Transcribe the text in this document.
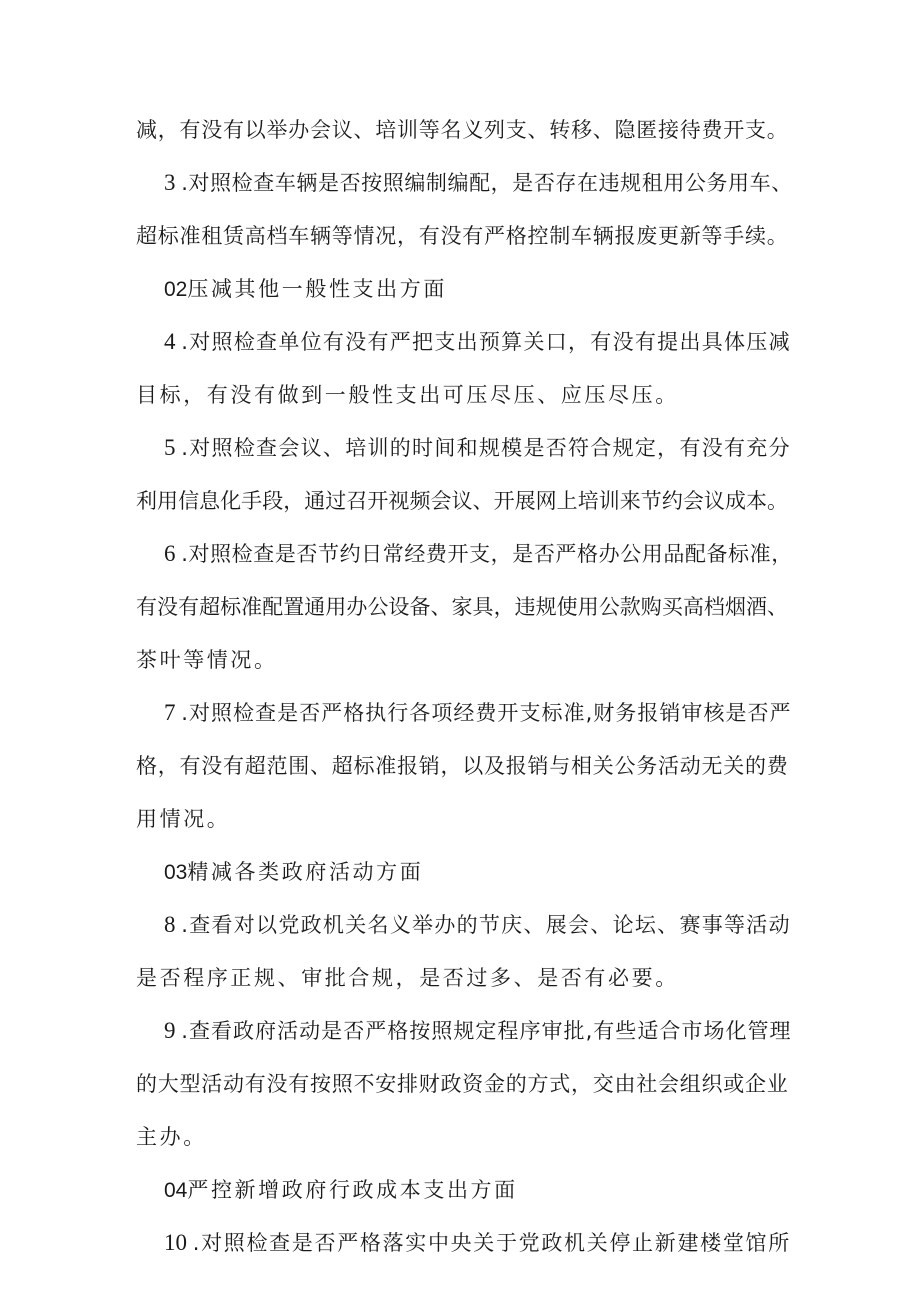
减，有没有以举办会议、培训等名义列支、转移、隐匿接待费开支。
3 .对照检查车辆是否按照编制编配，是否存在违规租用公务用车、
超标准租赁高档车辆等情况，有没有严格控制车辆报废更新等手续。
02压减其他一般性支出方面
4 .对照检查单位有没有严把支出预算关口，有没有提出具体压减
目标，有没有做到一般性支出可压尽压、应压尽压。
5 .对照检查会议、培训的时间和规模是否符合规定，有没有充分
利用信息化手段，通过召开视频会议、开展网上培训来节约会议成本。
6 .对照检查是否节约日常经费开支，是否严格办公用品配备标准，
有没有超标准配置通用办公设备、家具，违规使用公款购买高档烟酒、
茶叶等情况。
7 .对照检查是否严格执行各项经费开支标准,财务报销审核是否严
格，有没有超范围、超标准报销，以及报销与相关公务活动无关的费
用情况。
03精减各类政府活动方面
8 .查看对以党政机关名义举办的节庆、展会、论坛、赛事等活动
是否程序正规、审批合规，是否过多、是否有必要。
9 .查看政府活动是否严格按照规定程序审批,有些适合市场化管理
的大型活动有没有按照不安排财政资金的方式，交由社会组织或企业
主办。
04严控新增政府行政成本支出方面
10 .对照检查是否严格落实中央关于党政机关停止新建楼堂馆所
